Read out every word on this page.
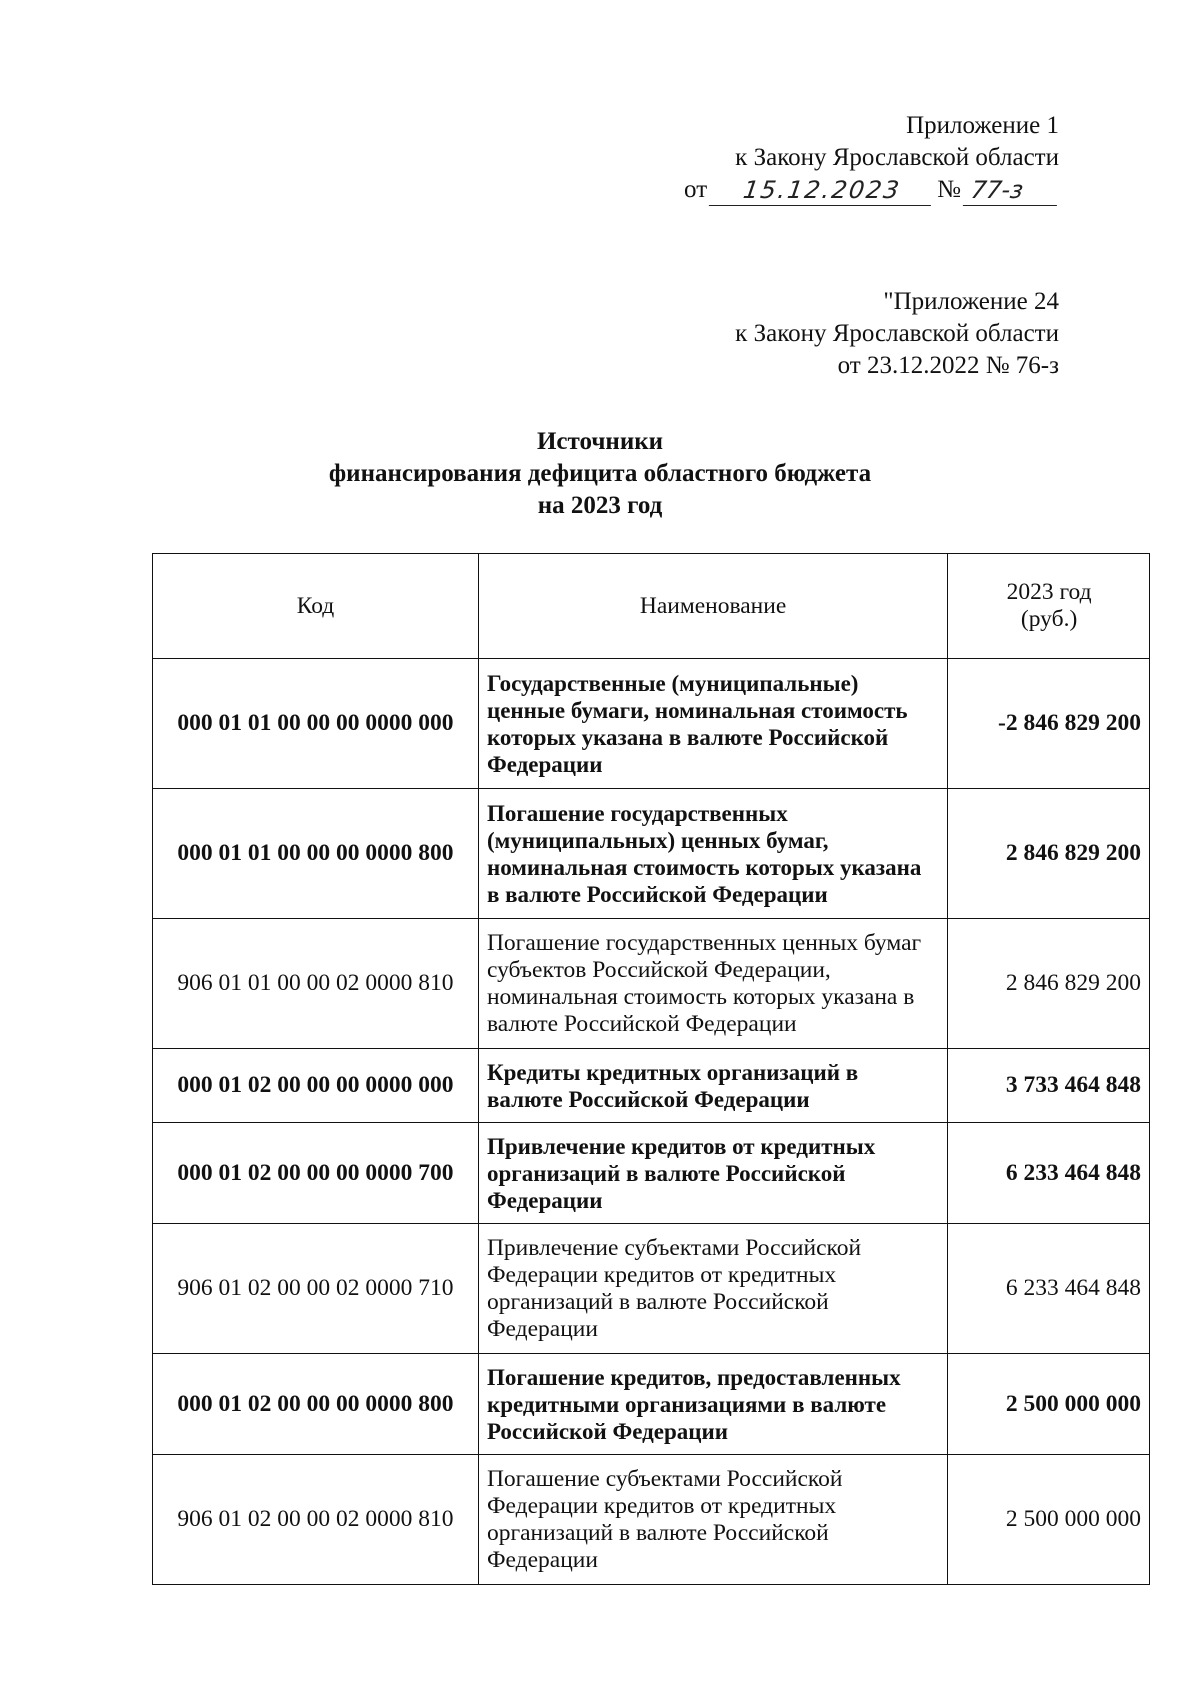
Приложение 1
к Закону Ярославской области
от	15.12.2023	№ 77-з
"Приложение 24
к Закону Ярославской области
от 23.12.2022 № 76-з
Источники
финансирования дефицита областного бюджета
на 2023 год
Код	Наименование	2023 год
(руб.)

000 01 01 00 00 00 0000 000	Государственные (муниципальные) ценные бумаги, номинальная стоимость которых указана в валюте Российской Федерации	-2 846 829 200
000 01 01 00 00 00 0000 800	Погашение государственных (муниципальных) ценных бумаг, номинальная стоимость которых указана в валюте Российской Федерации	2 846 829 200
906 01 01 00 00 02 0000 810	Погашение государственных ценных бумаг субъектов Российской Федерации, номинальная стоимость которых указана в валюте Российской Федерации	2 846 829 200
000 01 02 00 00 00 0000 000	Кредиты кредитных организаций в валюте Российской Федерации	3 733 464 848
000 01 02 00 00 00 0000 700	Привлечение кредитов от кредитных организаций в валюте Российской Федерации	6 233 464 848
906 01 02 00 00 02 0000 710	Привлечение субъектами Российской Федерации кредитов от кредитных организаций в валюте Российской Федерации	6 233 464 848
000 01 02 00 00 00 0000 800	Погашение кредитов, предоставленных кредитными организациями в валюте Российской Федерации	2 500 000 000
906 01 02 00 00 02 0000 810	Погашение субъектами Российской Федерации кредитов от кредитных организаций в валюте Российской Федерации	2 500 000 000
